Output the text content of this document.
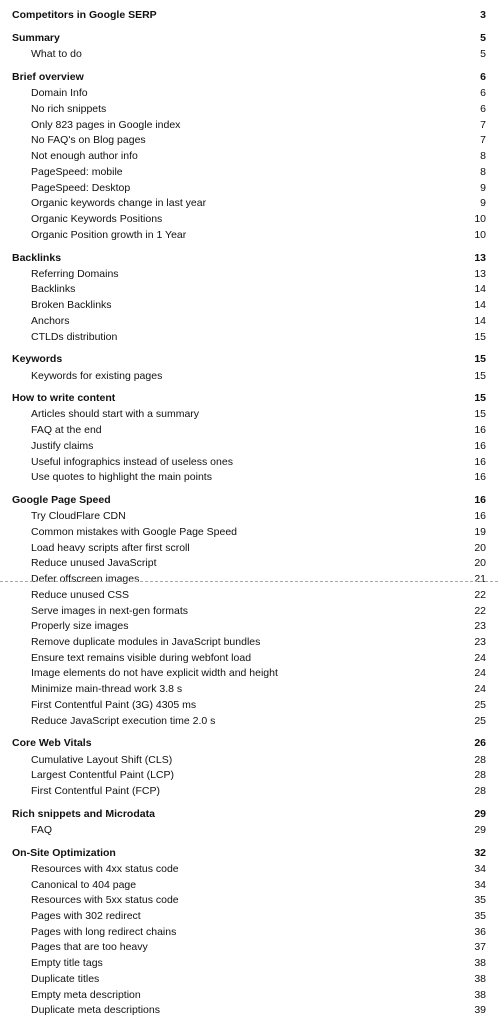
Competitors in Google SERP	3
Summary	5
What to do	5
Brief overview	6
Domain Info	6
No rich snippets	6
Only 823 pages in Google index	7
No FAQ's on Blog pages	7
Not enough author info	8
PageSpeed: mobile	8
PageSpeed: Desktop	9
Organic keywords change in last year	9
Organic Keywords Positions	10
Organic Position growth in 1 Year	10
Backlinks	13
Referring Domains	13
Backlinks	14
Broken Backlinks	14
Anchors	14
CTLDs distribution	15
Keywords	15
Keywords for existing pages	15
How to write content	15
Articles should start with a summary	15
FAQ at the end	16
Justify claims	16
Useful infographics instead of useless ones	16
Use quotes to highlight the main points	16
Google Page Speed	16
Try CloudFlare CDN	16
Common mistakes with Google Page Speed	19
Load heavy scripts after first scroll	20
Reduce unused JavaScript	20
Defer offscreen images	21
Reduce unused CSS	22
Serve images in next-gen formats	22
Properly size images	23
Remove duplicate modules in JavaScript bundles	23
Ensure text remains visible during webfont load	24
Image elements do not have explicit width and height	24
Minimize main-thread work 3.8 s	24
First Contentful Paint (3G) 4305 ms	25
Reduce JavaScript execution time 2.0 s	25
Core Web Vitals	26
Cumulative Layout Shift (CLS)	28
Largest Contentful Paint (LCP)	28
First Contentful Paint (FCP)	28
Rich snippets and Microdata	29
FAQ	29
On-Site Optimization	32
Resources with 4xx status code	34
Canonical to 404 page	34
Resources with 5xx status code	35
Pages with 302 redirect	35
Pages with long redirect chains	36
Pages that are too heavy	37
Empty title tags	38
Duplicate titles	38
Empty meta description	38
Duplicate meta descriptions	39
